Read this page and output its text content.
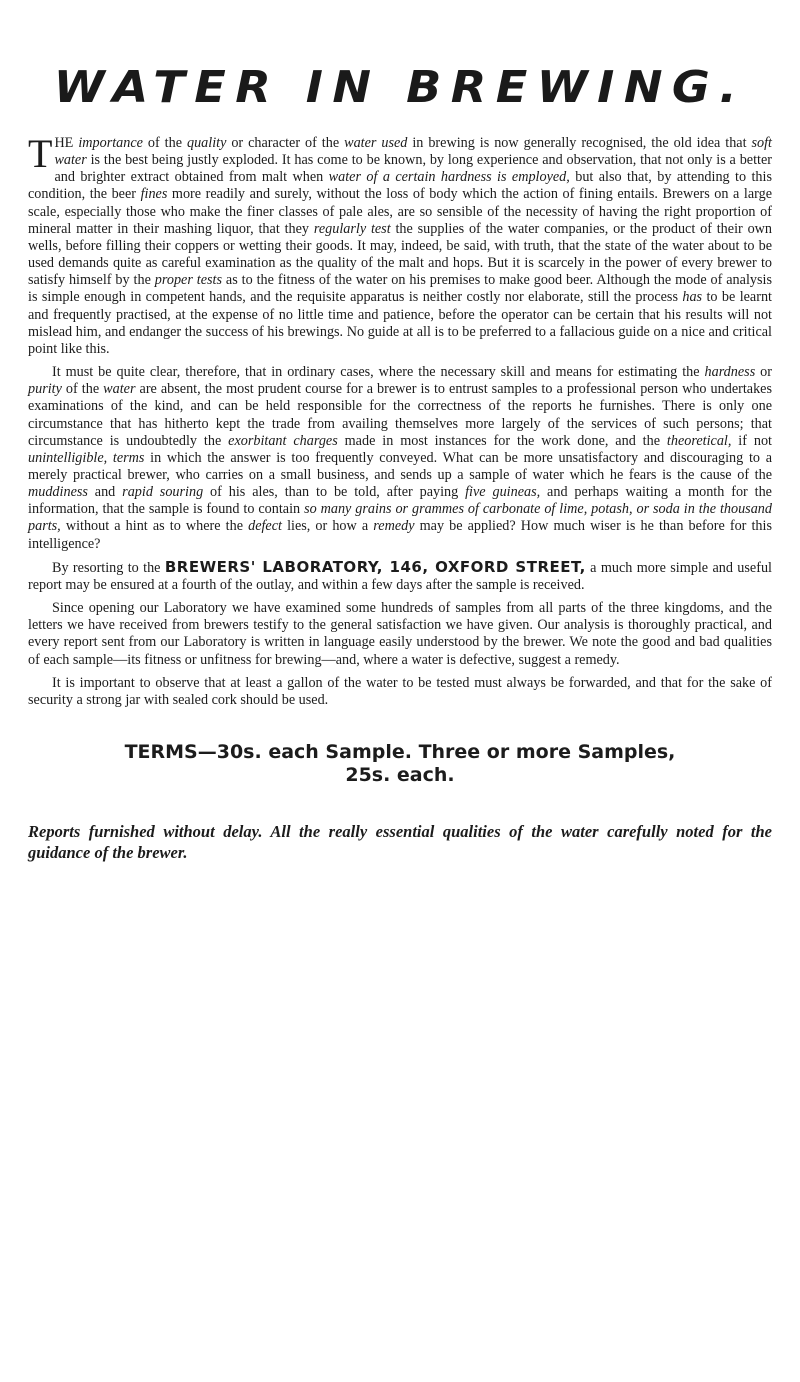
WATER IN BREWING.

THE importance of the quality or character of the water used in brewing is now generally recognised, the old idea that soft water is the best being justly exploded. It has come to be known, by long experience and observation, that not only is a better and brighter extract obtained from malt when water of a certain hardness is employed, but also that, by attending to this condition, the beer fines more readily and surely, without the loss of body which the action of fining entails. Brewers on a large scale, especially those who make the finer classes of pale ales, are so sensible of the necessity of having the right proportion of mineral matter in their mashing liquor, that they regularly test the supplies of the water companies, or the product of their own wells, before filling their coppers or wetting their goods. It may, indeed, be said, with truth, that the state of the water about to be used demands quite as careful examination as the quality of the malt and hops. But it is scarcely in the power of every brewer to satisfy himself by the proper tests as to the fitness of the water on his premises to make good beer. Although the mode of analysis is simple enough in competent hands, and the requisite apparatus is neither costly nor elaborate, still the process has to be learnt and frequently practised, at the expense of no little time and patience, before the operator can be certain that his results will not mislead him, and endanger the success of his brewings. No guide at all is to be preferred to a fallacious guide on a nice and critical point like this.

It must be quite clear, therefore, that in ordinary cases, where the necessary skill and means for estimating the hardness or purity of the water are absent, the most prudent course for a brewer is to entrust samples to a professional person who undertakes examinations of the kind, and can be held responsible for the correctness of the reports he furnishes. There is only one circumstance that has hitherto kept the trade from availing themselves more largely of the services of such persons; that circumstance is undoubtedly the exorbitant charges made in most instances for the work done, and the theoretical, if not unintelligible, terms in which the answer is too frequently conveyed. What can be more unsatisfactory and discouraging to a merely practical brewer, who carries on a small business, and sends up a sample of water which he fears is the cause of the muddiness and rapid souring of his ales, than to be told, after paying five guineas, and perhaps waiting a month for the information, that the sample is found to contain so many grains or grammes of carbonate of lime, potash, or soda in the thousand parts, without a hint as to where the defect lies, or how a remedy may be applied? How much wiser is he than before for this intelligence?

By resorting to the BREWERS' LABORATORY, 146, OXFORD STREET, a much more simple and useful report may be ensured at a fourth of the outlay, and within a few days after the sample is received.

Since opening our Laboratory we have examined some hundreds of samples from all parts of the three kingdoms, and the letters we have received from brewers testify to the general satisfaction we have given. Our analysis is thoroughly practical, and every report sent from our Laboratory is written in language easily understood by the brewer. We note the good and bad qualities of each sample—its fitness or unfitness for brewing—and, where a water is defective, suggest a remedy.

It is important to observe that at least a gallon of the water to be tested must always be forwarded, and that for the sake of security a strong jar with sealed cork should be used.

TERMS—30s. each Sample. Three or more Samples,
25s. each.
Reports furnished without delay. All the really essential qualities of the water carefully noted for the guidance of the brewer.
